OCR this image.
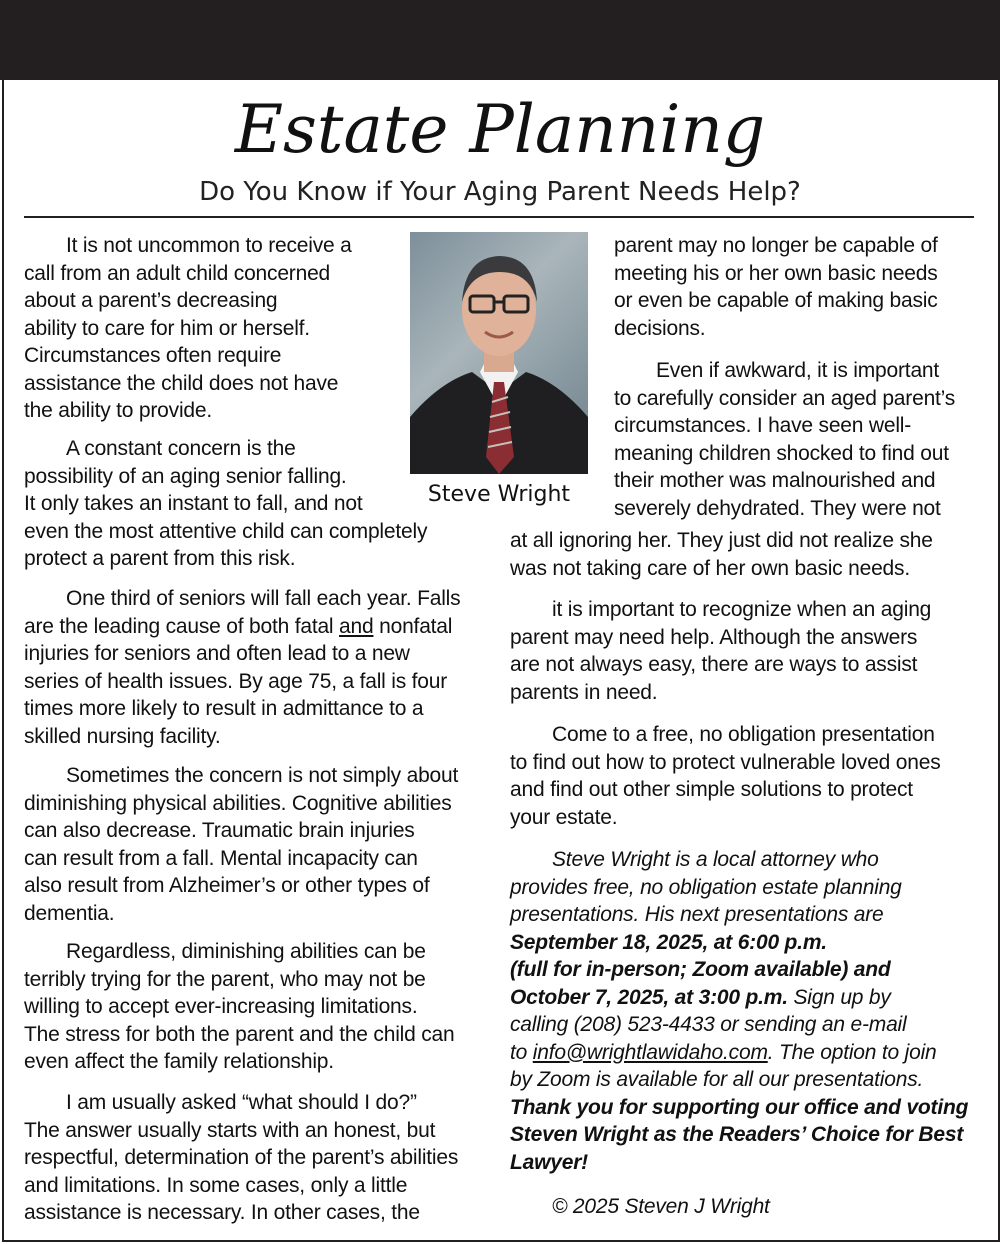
Estate Planning
Do You Know if Your Aging Parent Needs Help?
Steve Wright
It is not uncommon to receive a
call from an adult child concerned
about a parent’s decreasing
ability to care for him or herself.
Circumstances often require
assistance the child does not have
the ability to provide.
A constant concern is the
possibility of an aging senior falling.
It only takes an instant to fall, and not
even the most attentive child can completely
protect a parent from this risk.
One third of seniors will fall each year. Falls
are the leading cause of both fatal and nonfatal
injuries for seniors and often lead to a new
series of health issues. By age 75, a fall is four
times more likely to result in admittance to a
skilled nursing facility.
Sometimes the concern is not simply about
diminishing physical abilities. Cognitive abilities
can also decrease. Traumatic brain injuries
can result from a fall. Mental incapacity can
also result from Alzheimer’s or other types of
dementia.
Regardless, diminishing abilities can be
terribly trying for the parent, who may not be
willing to accept ever-increasing limitations.
The stress for both the parent and the child can
even affect the family relationship.
I am usually asked “what should I do?”
The answer usually starts with an honest, but
respectful, determination of the parent’s abilities
and limitations. In some cases, only a little
assistance is necessary. In other cases, the
parent may no longer be capable of
meeting his or her own basic needs
or even be capable of making basic
decisions.
Even if awkward, it is important
to carefully consider an aged parent’s
circumstances. I have seen well-
meaning children shocked to find out
their mother was malnourished and
severely dehydrated. They were not
at all ignoring her. They just did not realize she
was not taking care of her own basic needs.
it is important to recognize when an aging
parent may need help. Although the answers
are not always easy, there are ways to assist
parents in need.
Come to a free, no obligation presentation
to find out how to protect vulnerable loved ones
and find out other simple solutions to protect
your estate.
Steve Wright is a local attorney who
provides free, no obligation estate planning
presentations. His next presentations are
September 18, 2025, at 6:00 p.m.
(full for in-person; Zoom available) and
October 7, 2025, at 3:00 p.m. Sign up by
calling (208) 523-4433 or sending an e-mail
to info@wrightlawidaho.com. The option to join
by Zoom is available for all our presentations.
Thank you for supporting our office and voting
Steven Wright as the Readers’ Choice for Best
Lawyer!
© 2025 Steven J Wright
